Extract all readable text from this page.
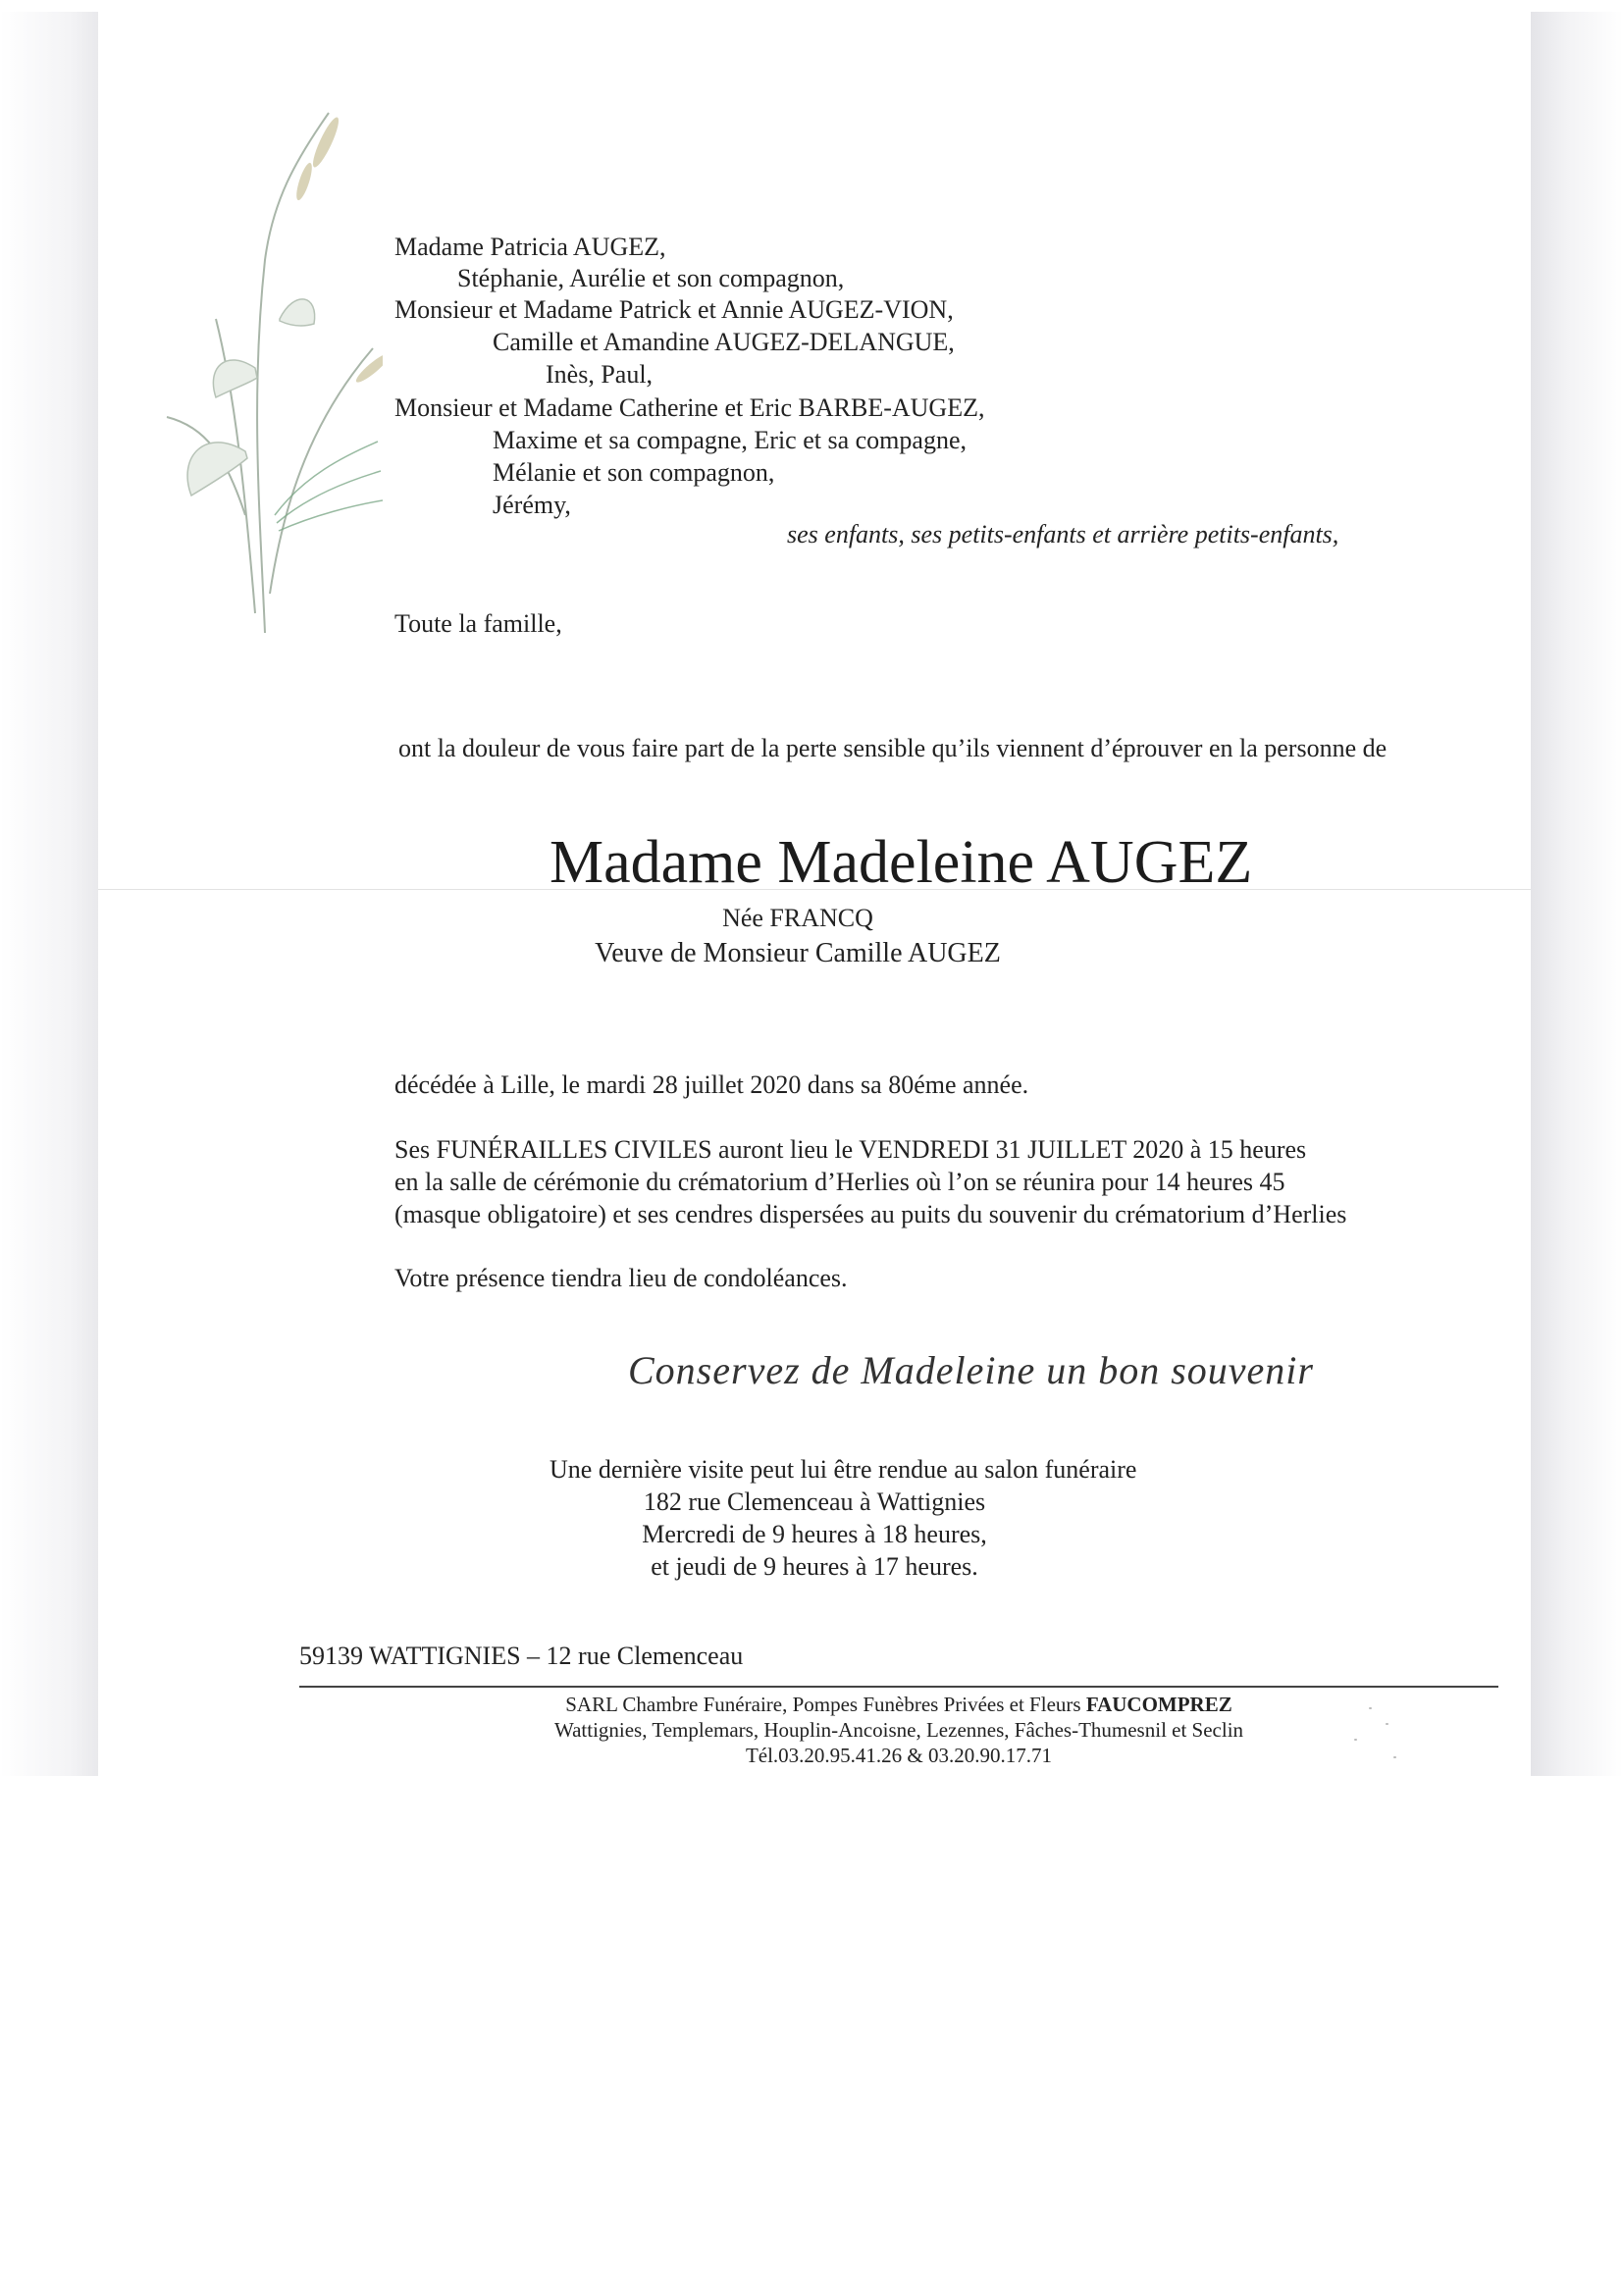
Madame Patricia AUGEZ,
Stéphanie, Aurélie et son compagnon,
Monsieur et Madame Patrick et Annie AUGEZ-VION,
Camille et Amandine AUGEZ-DELANGUE,
Inès, Paul,
Monsieur et Madame Catherine et Eric BARBE-AUGEZ,
Maxime et sa compagne, Eric et sa compagne,
Mélanie et son compagnon,
Jérémy,
ses enfants, ses petits-enfants et arrière petits-enfants,
Toute la famille,
ont la douleur de vous faire part de la perte sensible qu’ils viennent d’éprouver en la personne de
Madame Madeleine AUGEZ
Née FRANCQ
Veuve de Monsieur Camille AUGEZ
décédée à Lille, le mardi 28 juillet 2020 dans sa 80éme année.
Ses FUNÉRAILLES CIVILES auront lieu le VENDREDI 31 JUILLET 2020 à 15 heures
en la salle de cérémonie du crématorium d’Herlies où l’on se réunira pour 14 heures 45
(masque obligatoire) et ses cendres dispersées au puits du souvenir du crématorium d’Herlies
Votre présence tiendra lieu de condoléances.
Conservez de Madeleine un bon souvenir
Une dernière visite peut lui être rendue au salon funéraire
182 rue Clemenceau à Wattignies
Mercredi de 9 heures à 18 heures,
et jeudi de 9 heures à 17 heures.
59139 WATTIGNIES – 12 rue Clemenceau
SARL Chambre Funéraire, Pompes Funèbres Privées et Fleurs FAUCOMPREZ
Wattignies, Templemars, Houplin-Ancoisne, Lezennes, Fâches-Thumesnil et Seclin
Tél.03.20.95.41.26 & 03.20.90.17.71
